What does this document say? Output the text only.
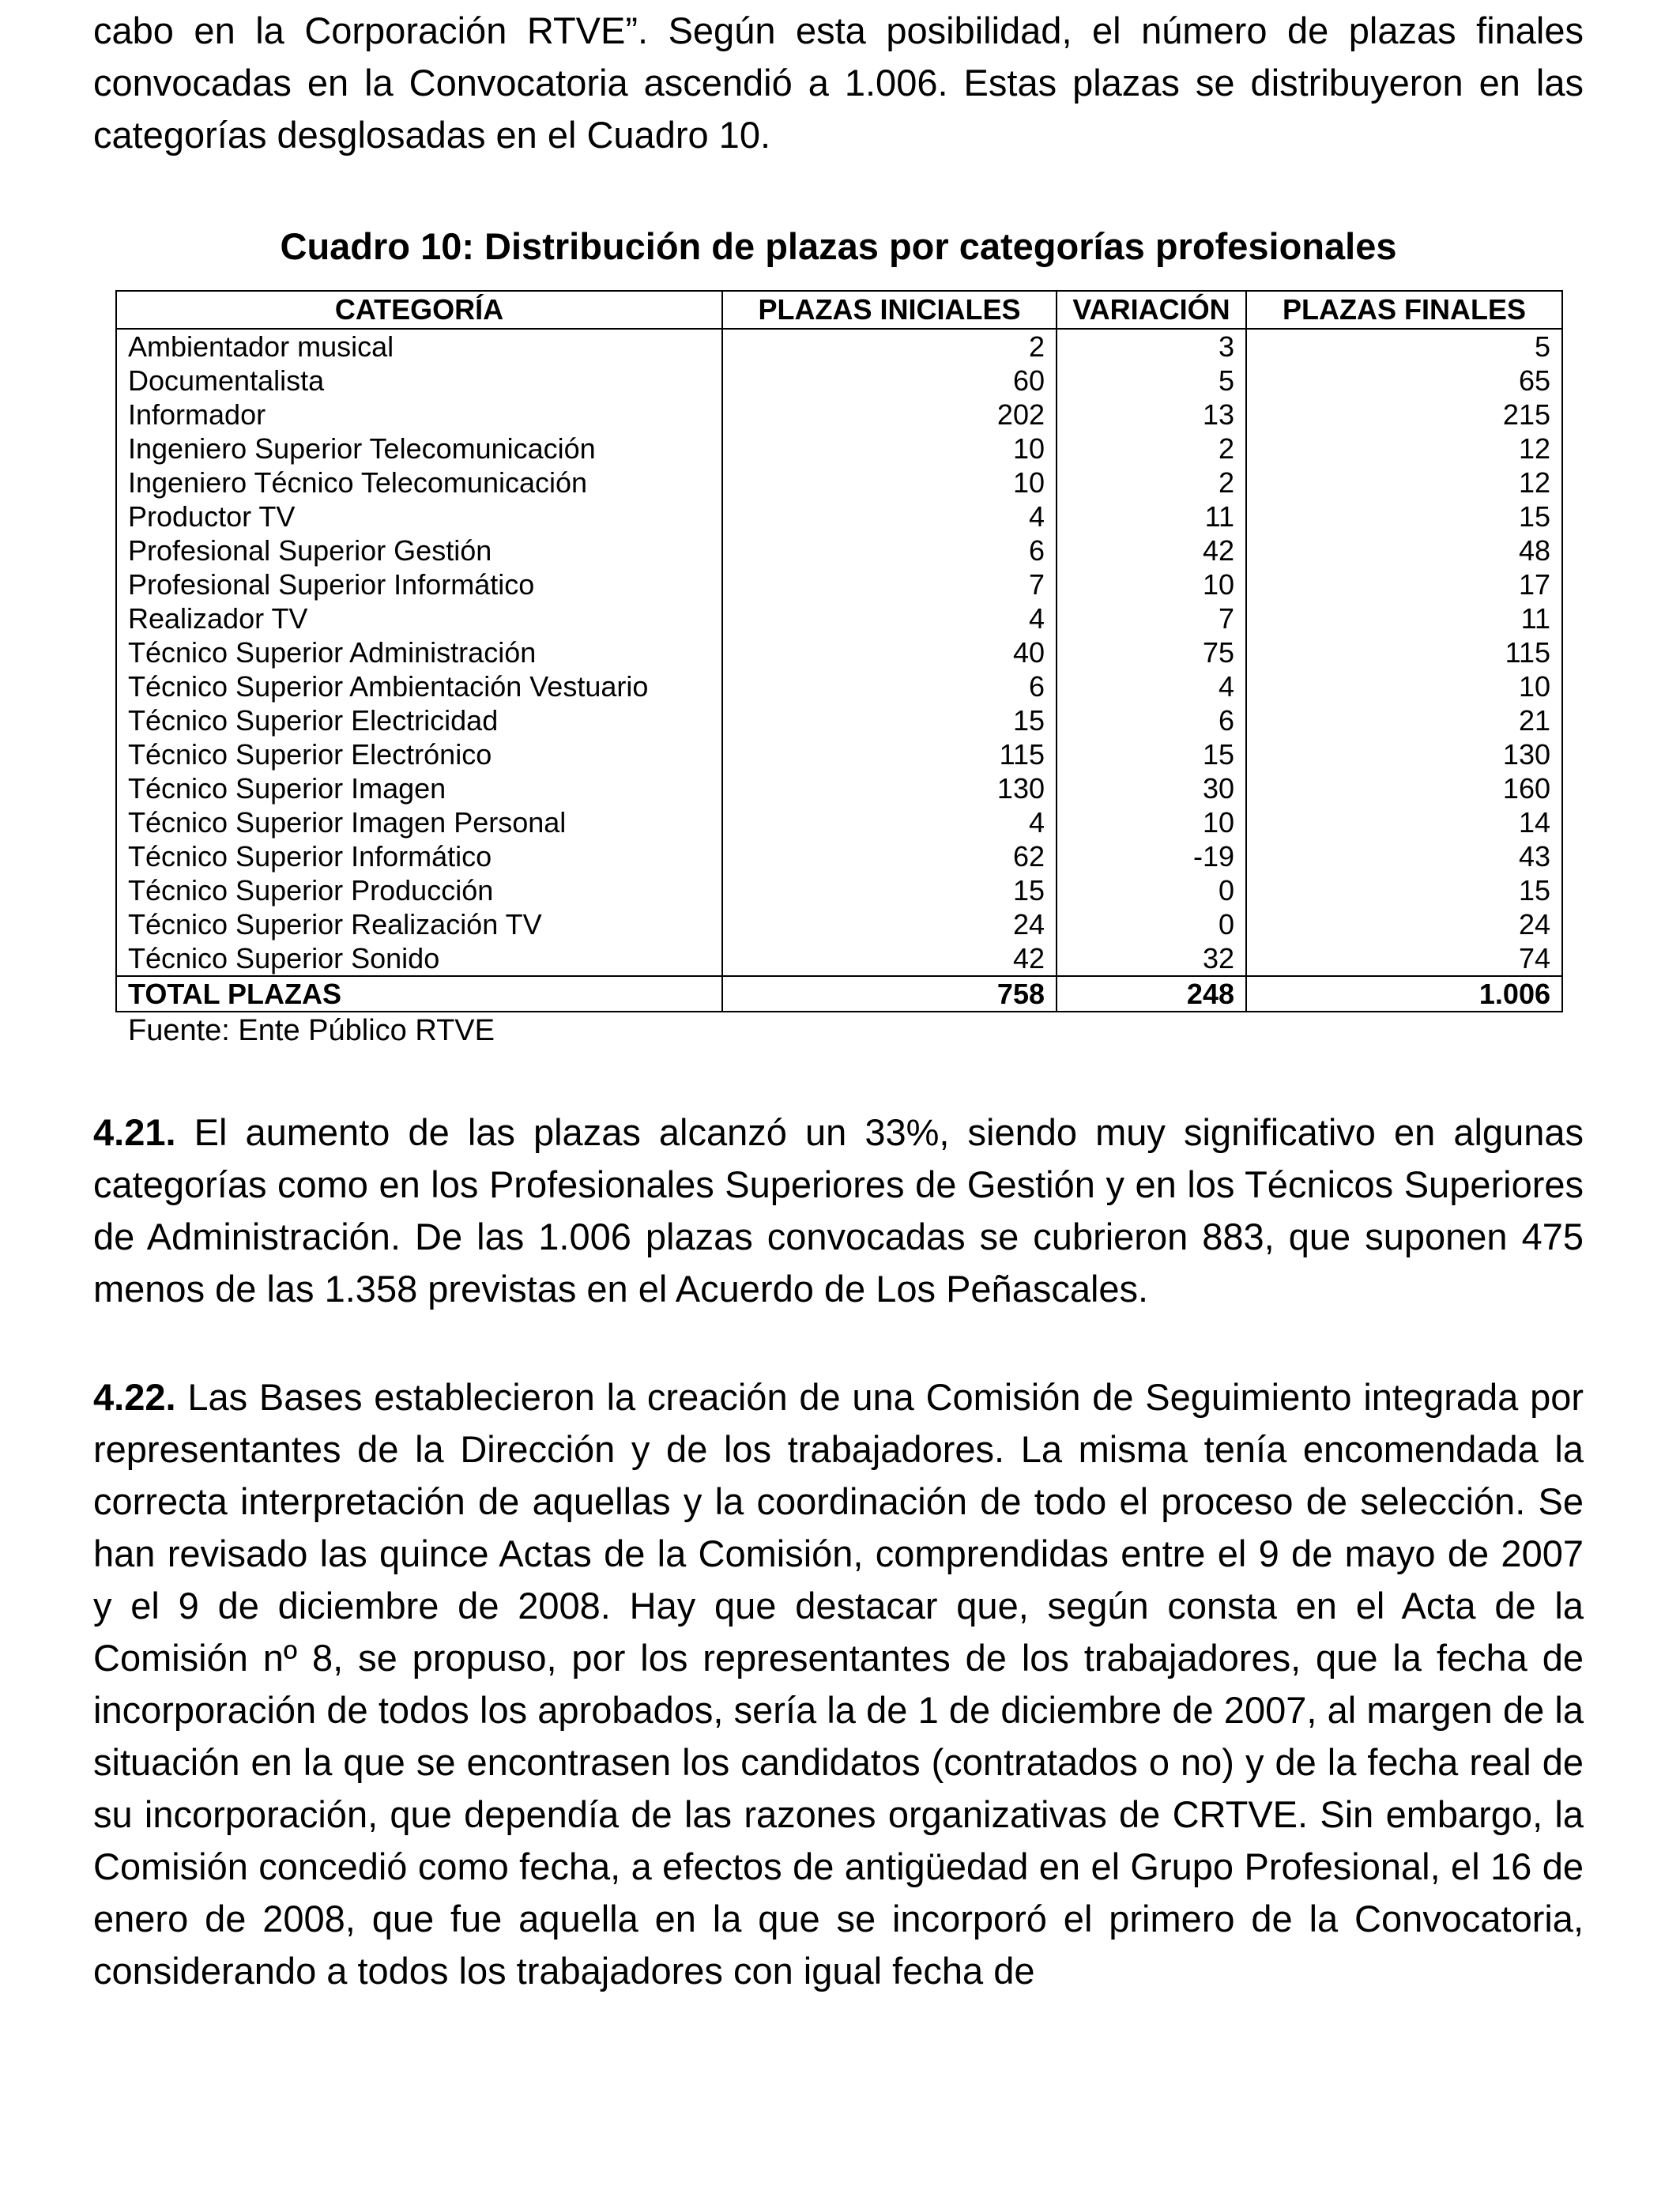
cabo en la Corporación RTVE”. Según esta posibilidad, el número de plazas finales convocadas en la Convocatoria ascendió a 1.006. Estas plazas se distribuyeron en las categorías desglosadas en el Cuadro 10.

Cuadro 10: Distribución de plazas por categorías profesionales

CATEGORÍA	PLAZAS INICIALES	VARIACIÓN	PLAZAS FINALES
Ambientador musical	2	3	5
Documentalista	60	5	65
Informador	202	13	215
Ingeniero Superior Telecomunicación	10	2	12
Ingeniero Técnico Telecomunicación	10	2	12
Productor TV	4	11	15
Profesional Superior Gestión	6	42	48
Profesional Superior Informático	7	10	17
Realizador TV	4	7	11
Técnico Superior Administración	40	75	115
Técnico Superior Ambientación Vestuario	6	4	10
Técnico Superior Electricidad	15	6	21
Técnico Superior Electrónico	115	15	130
Técnico Superior Imagen	130	30	160
Técnico Superior Imagen Personal	4	10	14
Técnico Superior Informático	62	-19	43
Técnico Superior Producción	15	0	15
Técnico Superior Realización TV	24	0	24
Técnico Superior Sonido	42	32	74
TOTAL PLAZAS	758	248	1.006

Fuente: Ente Público RTVE

4.21. El aumento de las plazas alcanzó un 33%, siendo muy significativo en algunas categorías como en los Profesionales Superiores de Gestión y en los Técnicos Superiores de Administración. De las 1.006 plazas convocadas se cubrieron 883, que suponen 475 menos de las 1.358 previstas en el Acuerdo de Los Peñascales.

4.22. Las Bases establecieron la creación de una Comisión de Seguimiento integrada por representantes de la Dirección y de los trabajadores. La misma tenía encomendada la correcta interpretación de aquellas y la coordinación de todo el proceso de selección. Se han revisado las quince Actas de la Comisión, comprendidas entre el 9 de mayo de 2007 y el 9 de diciembre de 2008. Hay que destacar que, según consta en el Acta de la Comisión nº 8, se propuso, por los representantes de los trabajadores, que la fecha de incorporación de todos los aprobados, sería la de 1 de diciembre de 2007, al margen de la situación en la que se encontrasen los candidatos (contratados o no) y de la fecha real de su incorporación, que dependía de las razones organizativas de CRTVE. Sin embargo, la Comisión concedió como fecha, a efectos de antigüedad en el Grupo Profesional, el 16 de enero de 2008, que fue aquella en la que se incorporó el primero de la Convocatoria, considerando a todos los trabajadores con igual fecha de
